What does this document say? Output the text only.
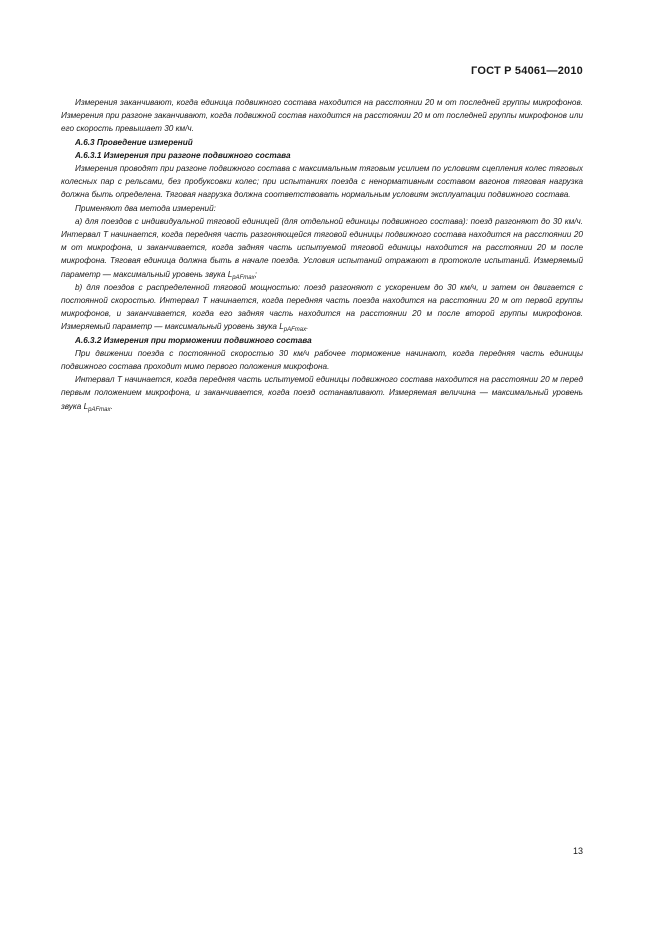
ГОСТ Р 54061—2010

Измерения заканчивают, когда единица подвижного состава находится на расстоянии 20 м от последней группы микрофонов. Измерения при разгоне заканчивают, когда подвижной состав находится на расстоянии 20 м от последней группы микрофонов или его скорость превышает 30 км/ч.

А.6.3 Проведение измерений

А.6.3.1 Измерения при разгоне подвижного состава

Измерения проводят при разгоне подвижного состава с максимальным тяговым усилием по условиям сцепления колес тяговых колесных пар с рельсами, без пробуксовки колес; при испытаниях поезда с ненормативным составом вагонов тяговая нагрузка должна быть определена. Тяговая нагрузка должна соответствовать нормальным условиям эксплуатации подвижного состава.

Применяют два метода измерений:

а) для поездов с индивидуальной тяговой единицей (для отдельной единицы подвижного состава): поезд разгоняют до 30 км/ч. Интервал Т начинается, когда передняя часть разгоняющейся тяговой единицы подвижного состава находится на расстоянии 20 м от микрофона, и заканчивается, когда задняя часть испытуемой тяговой единицы находится на расстоянии 20 м после микрофона. Тяговая единица должна быть в начале поезда. Условия испытаний отражают в протоколе испытаний. Измеряемый параметр — максимальный уровень звука $L_{pAFmax}$;

b) для поездов с распределенной тяговой мощностью: поезд разгоняют с ускорением до 30 км/ч, и затем он двигается с постоянной скоростью. Интервал Т начинается, когда передняя часть поезда находится на расстоянии 20 м от первой группы микрофонов, и заканчивается, когда его задняя часть находится на расстоянии 20 м после второй группы микрофонов. Измеряемый параметр — максимальный уровень звука $L_{pAFmax}$.

А.6.3.2 Измерения при торможении подвижного состава

При движении поезда с постоянной скоростью 30 км/ч рабочее торможение начинают, когда передняя часть единицы подвижного состава проходит мимо первого положения микрофона.

Интервал Т начинается, когда передняя часть испытуемой единицы подвижного состава находится на расстоянии 20 м перед первым положением микрофона, и заканчивается, когда поезд останавливают. Измеряемая величина — максимальный уровень звука $L_{pAFmax}$.

13
